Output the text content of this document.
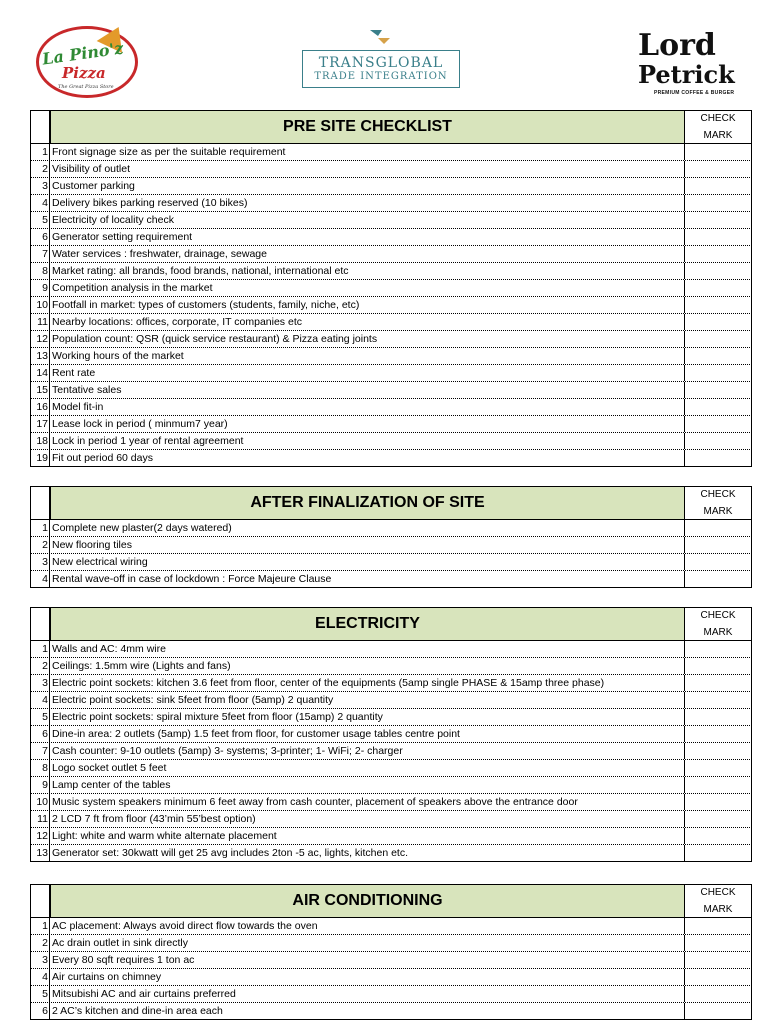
La Pino'z
Pizza
The Great Pizza Store
TRANSGLOBAL
TRADE INTEGRATION
Lord
Petrick
PREMIUM COFFEE & BURGER
PRE SITE CHECKLIST	CHECK
MARK
1 Front signage size as per the suitable requirement
2 Visibility of outlet
3 Customer parking
4 Delivery bikes parking reserved (10 bikes)
5 Electricity of locality check
6 Generator setting requirement
7 Water services : freshwater, drainage, sewage
8 Market rating: all brands, food brands, national, international etc
9 Competition analysis in the market
10 Footfall in market: types of customers (students, family, niche, etc)
11 Nearby locations: offices, corporate, IT companies etc
12 Population count: QSR (quick service restaurant) & Pizza eating joints
13 Working hours of the market
14 Rent rate
15 Tentative sales
16 Model fit-in
17 Lease lock in period ( minmum7 year)
18 Lock in period 1 year of rental agreement
19 Fit out period 60 days
AFTER FINALIZATION OF SITE	CHECK
MARK
1 Complete new plaster(2 days watered)
2 New flooring tiles
3 New electrical wiring
4 Rental wave-off in case of lockdown : Force Majeure Clause
ELECTRICITY	CHECK
MARK
1 Walls and AC: 4mm wire
2 Ceilings: 1.5mm wire (Lights and fans)
3 Electric point sockets: kitchen 3.6 feet from floor, center of the equipments (5amp single PHASE & 15amp three phase)
4 Electric point sockets: sink 5feet from floor (5amp) 2 quantity
5 Electric point sockets: spiral mixture 5feet from floor (15amp) 2 quantity
6 Dine-in area: 2 outlets (5amp) 1.5 feet from floor, for customer usage tables centre point
7 Cash counter: 9-10 outlets (5amp) 3- systems; 3-printer; 1- WiFi; 2- charger
8 Logo socket outlet 5 feet
9 Lamp center of the tables
10 Music system speakers minimum 6 feet away from cash counter, placement of speakers above the entrance door
11 2 LCD 7 ft from floor (43’min 55’best option)
12 Light: white and warm white alternate placement
13 Generator set: 30kwatt will get 25 avg includes 2ton -5 ac, lights, kitchen etc.
AIR CONDITIONING	CHECK
MARK
1 AC placement: Always avoid direct flow towards the oven
2 Ac drain outlet in sink directly
3 Every 80 sqft requires 1 ton ac
4 Air curtains on chimney
5 Mitsubishi AC and air curtains preferred
6 2 AC’s kitchen and dine-in area each
